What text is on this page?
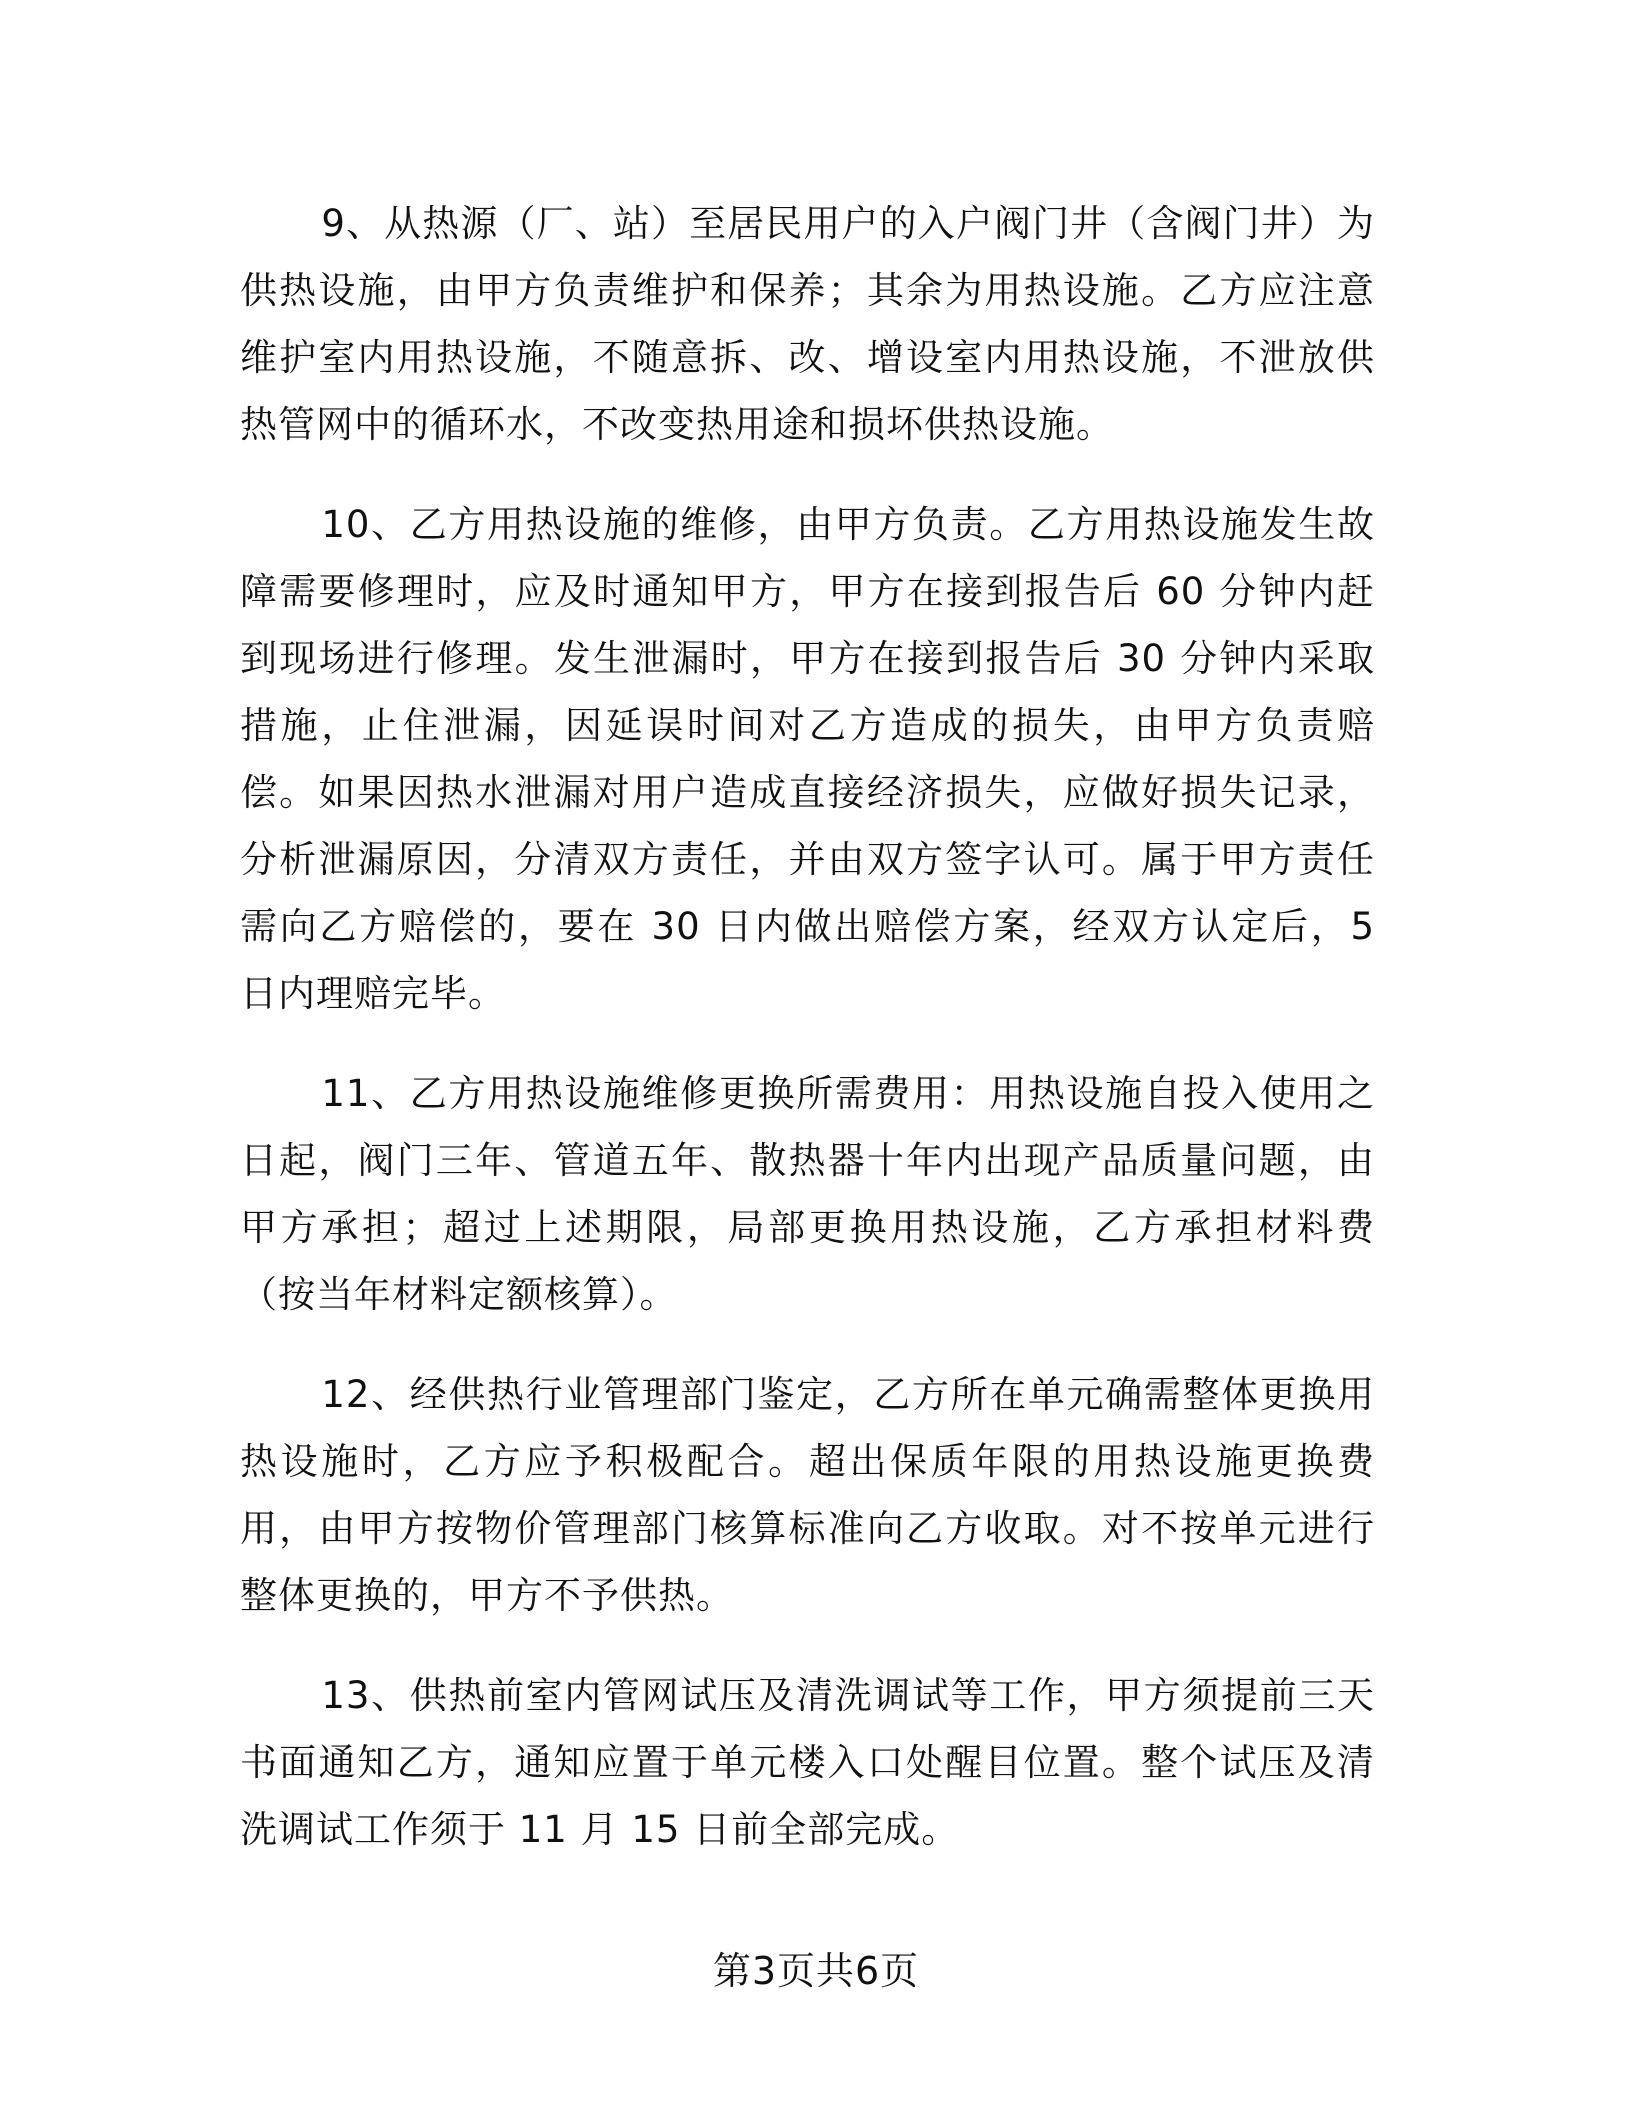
9、从热源（厂、站）至居民用户的入户阀门井（含阀门井）为供热设施，由甲方负责维护和保养；其余为用热设施。乙方应注意维护室内用热设施，不随意拆、改、增设室内用热设施，不泄放供热管网中的循环水，不改变热用途和损坏供热设施。

10、乙方用热设施的维修，由甲方负责。乙方用热设施发生故障需要修理时，应及时通知甲方，甲方在接到报告后 60 分钟内赶到现场进行修理。发生泄漏时，甲方在接到报告后 30 分钟内采取措施，止住泄漏，因延误时间对乙方造成的损失，由甲方负责赔偿。如果因热水泄漏对用户造成直接经济损失，应做好损失记录，分析泄漏原因，分清双方责任，并由双方签字认可。属于甲方责任需向乙方赔偿的，要在 30 日内做出赔偿方案，经双方认定后，5 日内理赔完毕。

11、乙方用热设施维修更换所需费用：用热设施自投入使用之日起，阀门三年、管道五年、散热器十年内出现产品质量问题，由甲方承担；超过上述期限，局部更换用热设施，乙方承担材料费（按当年材料定额核算）。

12、经供热行业管理部门鉴定，乙方所在单元确需整体更换用热设施时，乙方应予积极配合。超出保质年限的用热设施更换费用，由甲方按物价管理部门核算标准向乙方收取。对不按单元进行整体更换的，甲方不予供热。

13、供热前室内管网试压及清洗调试等工作，甲方须提前三天书面通知乙方，通知应置于单元楼入口处醒目位置。整个试压及清洗调试工作须于 11 月 15 日前全部完成。

第3页共6页
